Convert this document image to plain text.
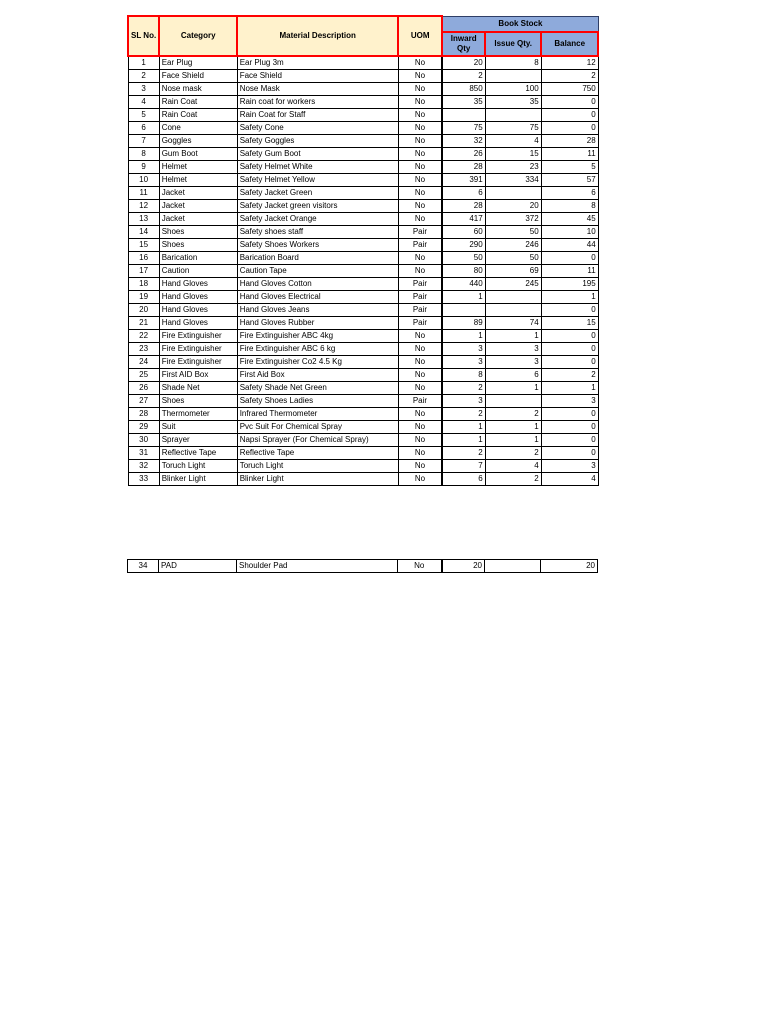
SL No.	Category	Material Description	UOM	Book Stock		
				Inward Qty	Issue Qty.	Balance
1	Ear Plug	Ear Plug 3m	No	20	8	12
2	Face Shield	Face Shield	No	2		2
3	Nose mask	Nose Mask	No	850	100	750
4	Rain Coat	Rain coat for workers	No	35	35	0
5	Rain Coat	Rain Coat for Staff	No			0
6	Cone	Safety Cone	No	75	75	0
7	Goggles	Safety Goggles	No	32	4	28
8	Gum Boot	Safety Gum Boot	No	26	15	11
9	Helmet	Safety Helmet White	No	28	23	5
10	Helmet	Safety Helmet Yellow	No	391	334	57
11	Jacket	Safety Jacket Green	No	6		6
12	Jacket	Safety Jacket green visitors	No	28	20	8
13	Jacket	Safety Jacket Orange	No	417	372	45
14	Shoes	Safety shoes staff	Pair	60	50	10
15	Shoes	Safety Shoes Workers	Pair	290	246	44
16	Barication	Barication Board	No	50	50	0
17	Caution	Caution Tape	No	80	69	11
18	Hand Gloves	Hand Gloves Cotton	Pair	440	245	195
19	Hand Gloves	Hand Gloves Electrical	Pair	1		1
20	Hand Gloves	Hand Gloves Jeans	Pair			0
21	Hand Gloves	Hand Gloves Rubber	Pair	89	74	15
22	Fire Extinguisher	Fire Extinguisher ABC 4kg	No	1	1	0
23	Fire Extinguisher	Fire Extinguisher ABC 6 kg	No	3	3	0
24	Fire Extinguisher	Fire Extinguisher Co2 4.5 Kg	No	3	3	0
25	First AID Box	First Aid Box	No	8	6	2
26	Shade Net	Safety Shade Net Green	No	2	1	1
27	Shoes	Safety Shoes Ladies	Pair	3		3
28	Thermometer	Infrared Thermometer	No	2	2	0
29	Suit	Pvc Suit For Chemical Spray	No	1	1	0
30	Sprayer	Napsi Sprayer (For Chemical Spray)	No	1	1	0
31	Reflective Tape	Reflective Tape	No	2	2	0
32	Toruch Light	Toruch Light	No	7	4	3
33	Blinker Light	Blinker Light	No	6	2	4
34	PAD	Shoulder Pad	No	20		20
